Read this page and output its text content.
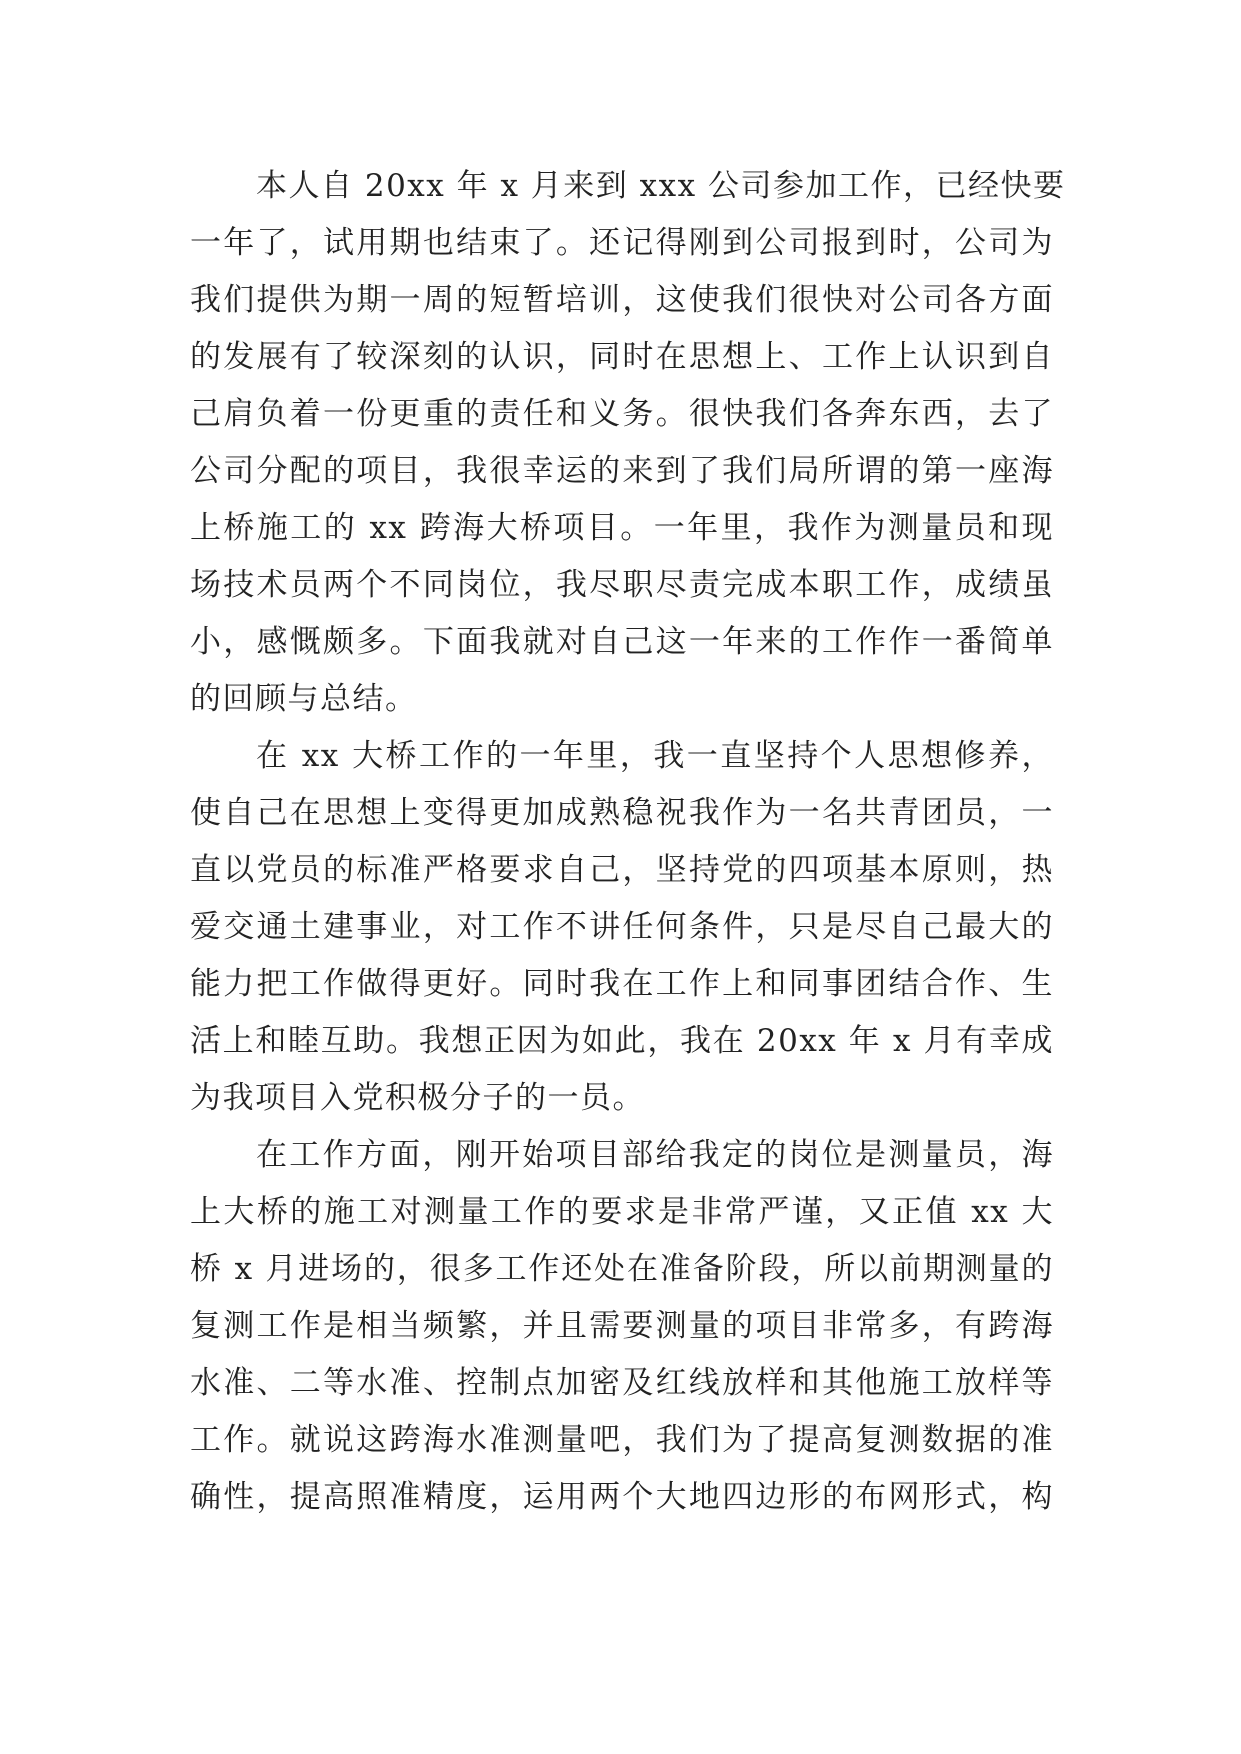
本人自 20xx 年 x 月来到 xxx 公司参加工作，已经快要
一年了，试用期也结束了。还记得刚到公司报到时，公司为
我们提供为期一周的短暂培训，这使我们很快对公司各方面
的发展有了较深刻的认识，同时在思想上、工作上认识到自
己肩负着一份更重的责任和义务。很快我们各奔东西，去了
公司分配的项目，我很幸运的来到了我们局所谓的第一座海
上桥施工的 xx 跨海大桥项目。一年里，我作为测量员和现
场技术员两个不同岗位，我尽职尽责完成本职工作，成绩虽
小，感慨颇多。下面我就对自己这一年来的工作作一番简单
的回顾与总结。
在 xx 大桥工作的一年里，我一直坚持个人思想修养，
使自己在思想上变得更加成熟稳祝我作为一名共青团员，一
直以党员的标准严格要求自己，坚持党的四项基本原则，热
爱交通土建事业，对工作不讲任何条件，只是尽自己最大的
能力把工作做得更好。同时我在工作上和同事团结合作、生
活上和睦互助。我想正因为如此，我在 20xx 年 x 月有幸成
为我项目入党积极分子的一员。
在工作方面，刚开始项目部给我定的岗位是测量员，海
上大桥的施工对测量工作的要求是非常严谨，又正值 xx 大
桥 x 月进场的，很多工作还处在准备阶段，所以前期测量的
复测工作是相当频繁，并且需要测量的项目非常多，有跨海
水准、二等水准、控制点加密及红线放样和其他施工放样等
工作。就说这跨海水准测量吧，我们为了提高复测数据的准
确性，提高照准精度，运用两个大地四边形的布网形式，构
